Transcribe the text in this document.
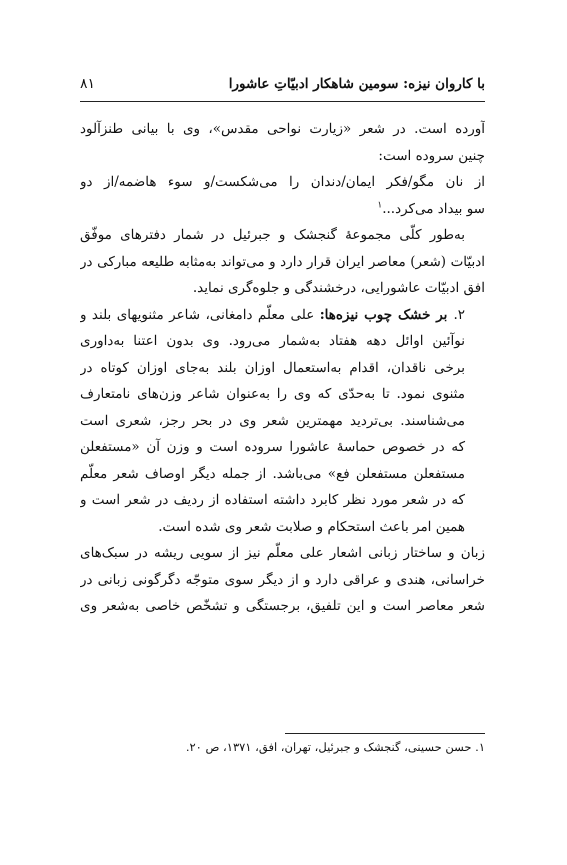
با کاروان نیزه: سومین شاهکار ادبیّاتِ عاشورا
۸۱
آورده است. در شعر «زیارت نواحی مقدس»، وی با بیانی طنزآلود
چنین سروده است:
از نان مگو/فکر ایمان/دندان را می‌شکست/و سوء هاضمه/از دو
سو بیداد می‌کرد...$^۱$
به‌طور کلّی مجموعهٔ گنجشک و جبرئیل در شمار دفترهای موفّق
ادبیّات (شعر) معاصر ایران قرار دارد و می‌تواند به‌مثابه طلیعه مبارکی در
افق ادبیّات عاشورایی، درخشندگی و جلوه‌گری نماید.
۲.بر خشک چوب نیزه‌ها: علی معلّم دامغانی، شاعر مثنویهای بلند و
نوآئین اوائل دهه هفتاد به‌شمار می‌رود. وی بدون اعتنا به‌داوری
برخی ناقدان، اقدام به‌استعمال اوزان بلند به‌جای اوزان کوتاه در
مثنوی نمود. تا به‌حدّی که وی را به‌عنوان شاعر وزن‌های نامتعارف
می‌شناسند. بی‌تردید مهمترین شعر وی در بحر رجز، شعری است
که در خصوص حماسهٔ عاشورا سروده است و وزن آن «مستفعلن
مستفعلن مستفعلن فع» می‌باشد. از جمله دیگر اوصاف شعر معلّم
که در شعر مورد نظر کابرد داشته استفاده از ردیف در شعر است و
همین امر باعث استحکام و صلابت شعر وی شده است.
زبان و ساختار زبانی اشعار علی معلّم نیز از سویی ریشه در سبک‌های
خراسانی، هندی و عراقی دارد و از دیگر سوی متوجّه دگرگونی زبانی در
شعر معاصر است و این تلفیق، برجستگی و تشخّص خاصی به‌شعر وی
۱. حسن حسینی، گنجشک و جبرئیل، تهران، افق، ۱۳۷۱، ص ۲۰.
